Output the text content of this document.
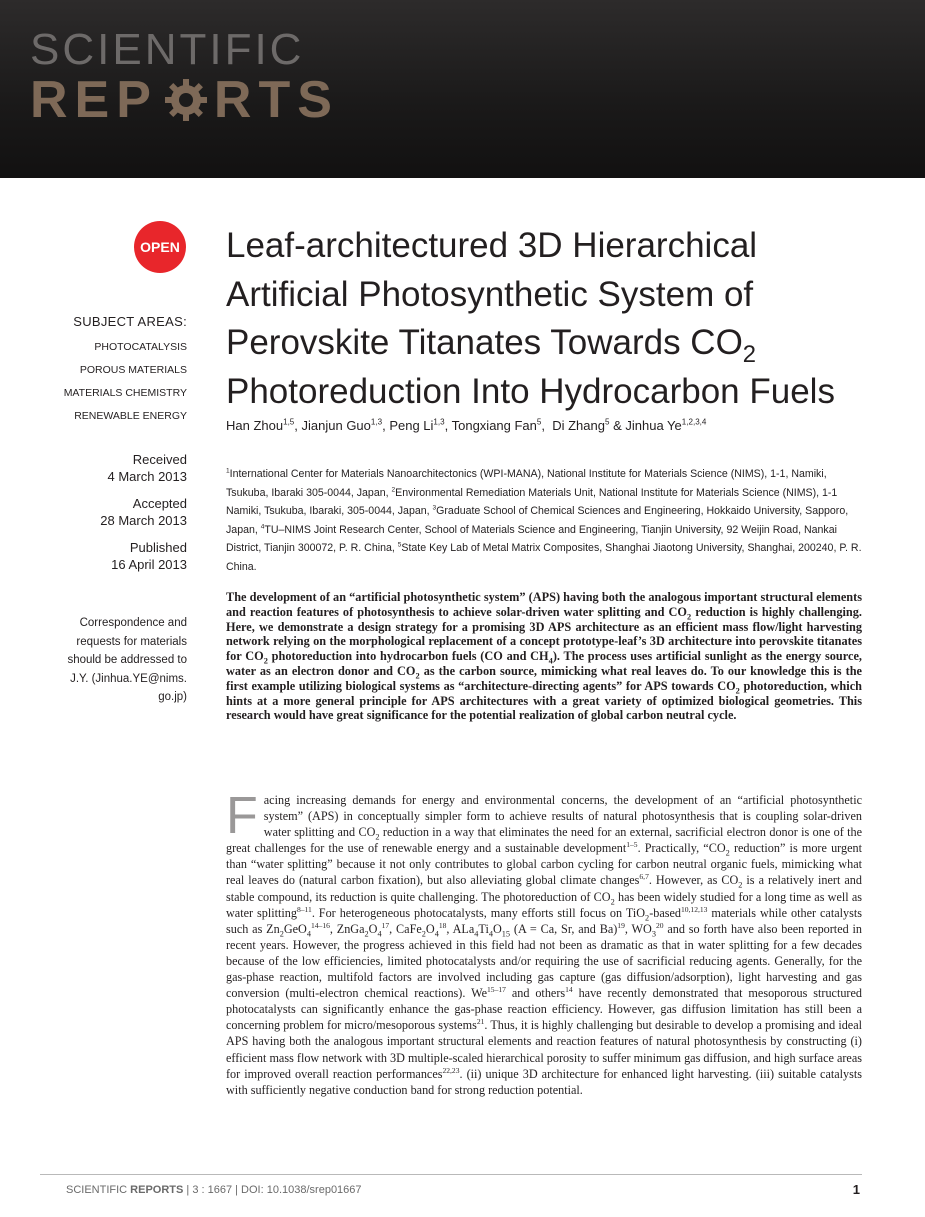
SCIENTIFIC
REP RTS
OPEN
SUBJECT AREAS:
PHOTOCATALYSIS
POROUS MATERIALS
MATERIALS CHEMISTRY
RENEWABLE ENERGY
Received
4 March 2013
Accepted
28 March 2013
Published
16 April 2013
Correspondence and
requests for materials
should be addressed to
J.Y. (Jinhua.YE@nims.
go.jp)
Leaf-architectured 3D Hierarchical
Artificial Photosynthetic System of
Perovskite Titanates Towards $CO_2$
Photoreduction Into Hydrocarbon Fuels
Han Zhou$^{1,5}$, Jianjun Guo$^{1,3}$, Peng Li$^{1,3}$, Tongxiang Fan$^5$,  Di Zhang$^5$ & Jinhua Ye$^{1,2,3,4}$
$^1$International Center for Materials Nanoarchitectonics (WPI-MANA), National Institute for Materials Science (NIMS), 1-1, Namiki, Tsukuba, Ibaraki 305-0044, Japan, $^2$Environmental Remediation Materials Unit, National Institute for Materials Science (NIMS), 1-1 Namiki, Tsukuba, Ibaraki, 305-0044, Japan, $^3$Graduate School of Chemical Sciences and Engineering, Hokkaido University, Sapporo, Japan, $^4$TU–NIMS Joint Research Center, School of Materials Science and Engineering, Tianjin University, 92 Weijin Road, Nankai District, Tianjin 300072, P. R. China, $^5$State Key Lab of Metal Matrix Composites, Shanghai Jiaotong University, Shanghai, 200240, P. R. China.
The development of an “artificial photosynthetic system” (APS) having both the analogous important structural elements and reaction features of photosynthesis to achieve solar-driven water splitting and $CO_2$ reduction is highly challenging. Here, we demonstrate a design strategy for a promising 3D APS architecture as an efficient mass flow/light harvesting network relying on the morphological replacement of a concept prototype-leaf’s 3D architecture into perovskite titanates for $CO_2$ photoreduction into hydrocarbon fuels (CO and $CH_4$). The process uses artificial sunlight as the energy source, water as an electron donor and $CO_2$ as the carbon source, mimicking what real leaves do. To our knowledge this is the first example utilizing biological systems as “architecture-directing agents” for APS towards $CO_2$ photoreduction, which hints at a more general principle for APS architectures with a great variety of optimized biological geometries. This research would have great significance for the potential realization of global carbon neutral cycle.
Facing increasing demands for energy and environmental concerns, the development of an “artificial photosynthetic system” (APS) in conceptually simpler form to achieve results of natural photosynthesis that is coupling solar-driven water splitting and $CO_2$ reduction in a way that eliminates the need for an external, sacrificial electron donor is one of the great challenges for the use of renewable energy and a sustainable development$^{1-5}$. Practically, “$CO_2$ reduction” is more urgent than “water splitting” because it not only contributes to global carbon cycling for carbon neutral organic fuels, mimicking what real leaves do (natural carbon fixation), but also alleviating global climate changes$^{6,7}$. However, as $CO_2$ is a relatively inert and stable compound, its reduction is quite challenging. The photoreduction of $CO_2$ has been widely studied for a long time as well as water splitting$^{8-11}$. For heterogeneous photocatalysts, many efforts still focus on TiO$_2$-based$^{10,12,13}$ materials while other catalysts such as $Zn_2GeO_4^{14-16}$, $ZnGa_2O_4^{17}$, $CaFe_2O_4^{18}$, $ALa_4Ti_4O_{15}$ (A = Ca, Sr, and Ba)$^{19}$, $WO_3^{20}$ and so forth have also been reported in recent years. However, the progress achieved in this field had not been as dramatic as that in water splitting for a few decades because of the low efficiencies, limited photocatalysts and/or requiring the use of sacrificial reducing agents. Generally, for the gas-phase reaction, multifold factors are involved including gas capture (gas diffusion/adsorption), light harvesting and gas conversion (multi-electron chemical reactions). We$^{15-17}$ and others$^{14}$ have recently demonstrated that mesoporous structured photocatalysts can significantly enhance the gas-phase reaction efficiency. However, gas diffusion limitation has still been a concerning problem for micro/mesoporous systems$^{21}$. Thus, it is highly challenging but desirable to develop a promising and ideal APS having both the analogous important structural elements and reaction features of natural photosynthesis by constructing (i) efficient mass flow network with 3D multiple-scaled hierarchical porosity to suffer minimum gas diffusion, and high surface areas for improved overall reaction performances$^{22,23}$. (ii) unique 3D architecture for enhanced light harvesting. (iii) suitable catalysts with sufficiently negative conduction band for strong reduction potential.
SCIENTIFIC REPORTS | 3 : 1667 | DOI: 10.1038/srep01667	1
